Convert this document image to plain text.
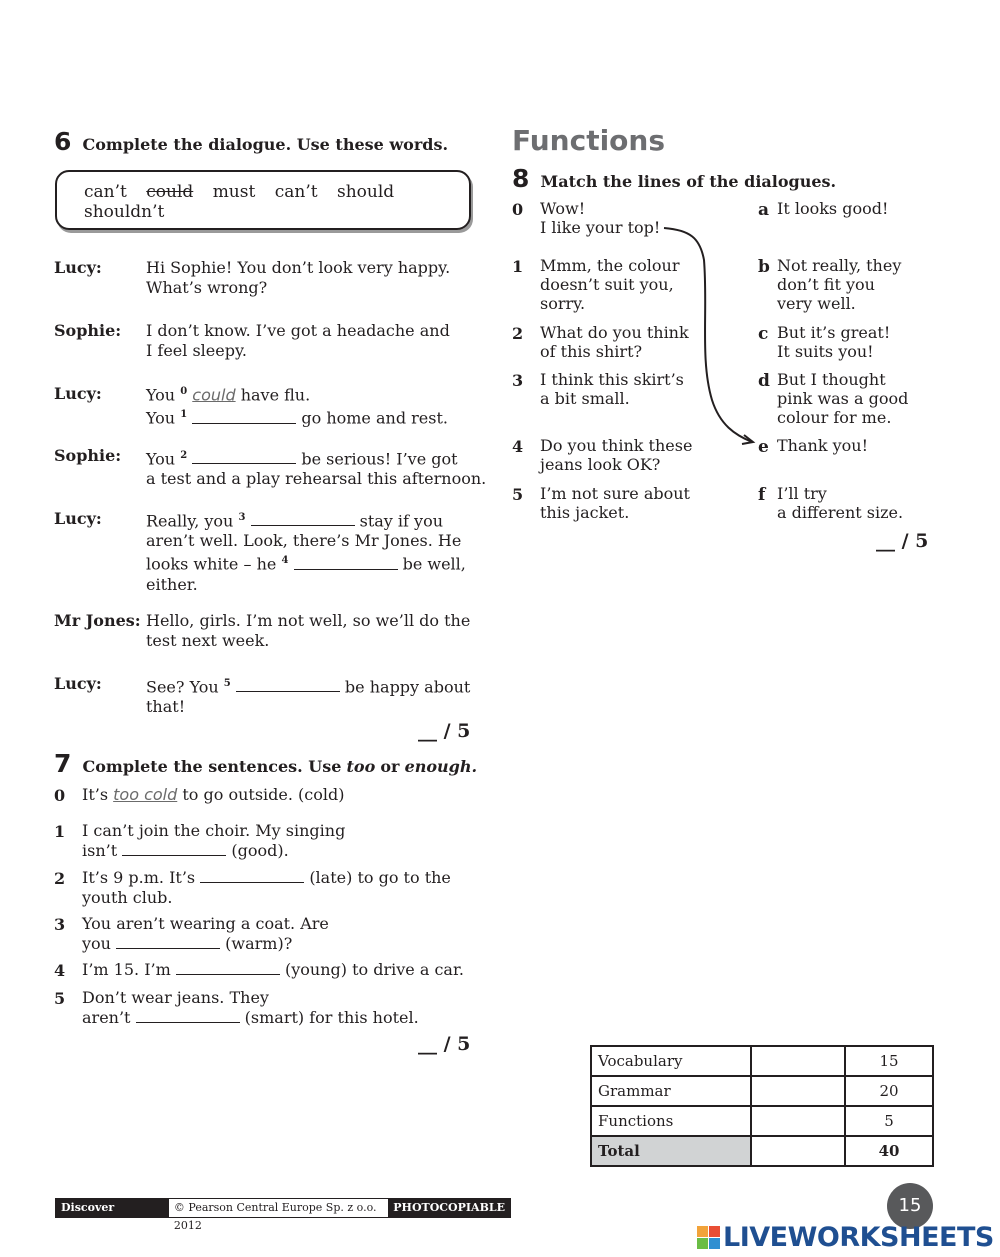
6 Complete the dialogue. Use these words.
can’t could must can’t should
shouldn’t
Lucy:	Hi Sophie! You don’t look very happy.
What’s wrong?
Sophie: I don’t know. I’ve got a headache and
I feel sleepy.
Lucy:	You $^0$ could have flu.
You $^1$	go home and rest.
Sophie: You $^2$	be serious! I’ve got
a test and a play rehearsal this afternoon.
Lucy:	Really, you $^3$	stay if you
aren’t well. Look, there’s Mr Jones. He
looks white – he $^4$	be well,
either.
Mr Jones: Hello, girls. I’m not well, so we’ll do the
test next week.
Lucy:	See? You $^5$	be happy about
that!
__ / 5
7 Complete the sentences. Use too or enough.
0 It’s too cold to go outside. (cold)
1 I can’t join the choir. My singing
isn’t	(good).
2 It’s 9 p.m. It’s	(late) to go to the
youth club.
3 You aren’t wearing a coat. Are
you	(warm)?
4 I’m 15. I’m	(young) to drive a car.
5 Don’t wear jeans. They
aren’t	(smart) for this hotel.
__ / 5
Functions
8 Match the lines of the dialogues.
0 Wow!
I like your top!
1 Mmm, the colour
doesn’t suit you,
sorry.
2 What do you think
of this shirt?
3 I think this skirt’s
a bit small.
4 Do you think these
jeans look OK?
5 I’m not sure about
this jacket.
a It looks good!
b Not really, they
don’t fit you
very well.
c But it’s great!
It suits you!
d But I thought
pink was a good
colour for me.
e Thank you!
f I’ll try
a different size.
__ / 5
Vocabulary		15
Grammar		20
Functions		5
Total		40
Discover English 4
© Pearson Central Europe Sp. z o.o. 2012
PHOTOCOPIABLE	15
LIVEWORKSHEETS
